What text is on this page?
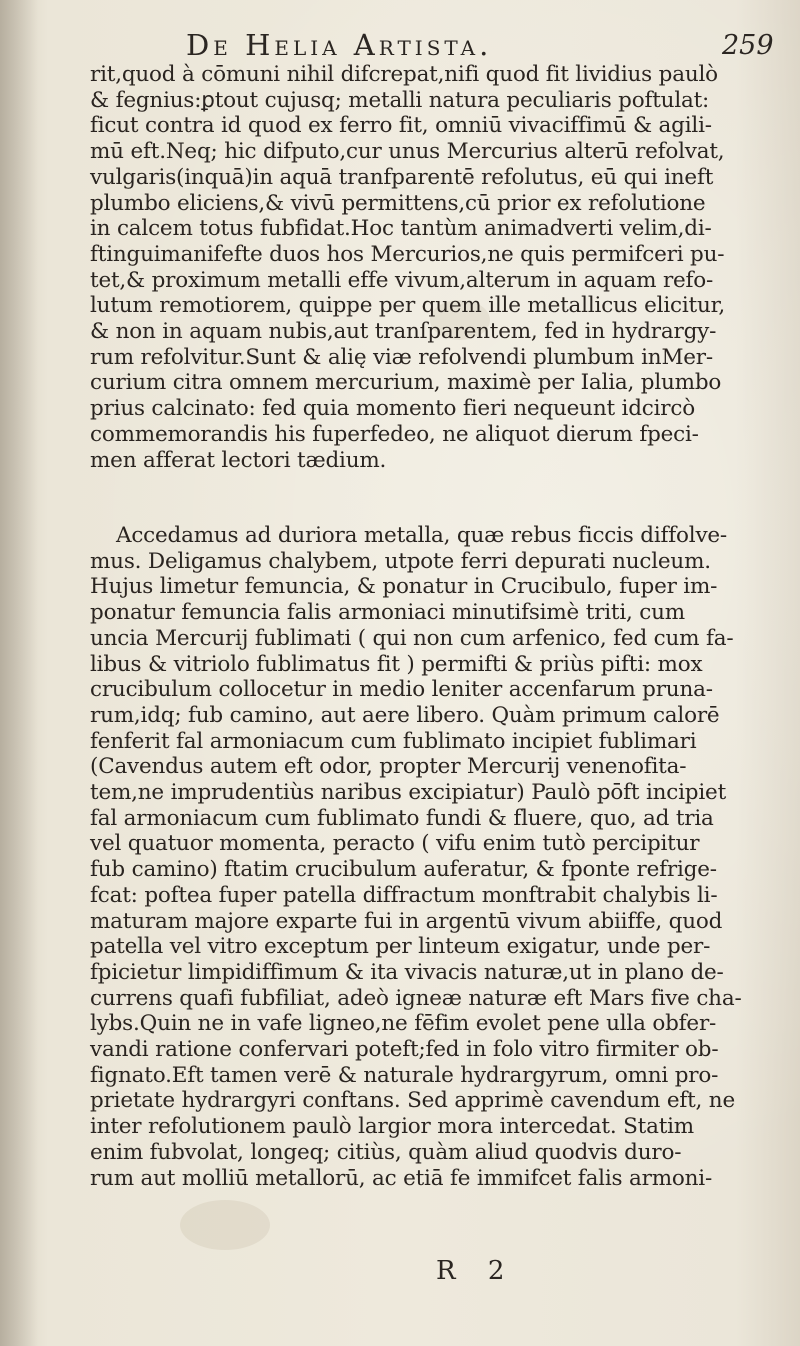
De Helia Artista.	259
rit,quod à cōmuni nihil difcrepat,nifi quod fit lividius paulò
& fegnius:ꝑtout cujusq; metalli natura peculiaris poftulat:
ficut contra id quod ex ferro fit, omniū vivaciffimū & agili-
mū eft.Neq; hic difputo,cur unus Mercurius alterū refolvat,
vulgaris(inquā)in aquā tranfparentē refolutus, eū qui ineft
plumbo eliciens,& vivū permittens,cū prior ex refolutione
in calcem totus fubfidat.Hoc tantùm animadverti velim,di-
ftinguimanifefte duos hos Mercurios,ne quis permifceri pu-
tet,& proximum metalli effe vivum,alterum in aquam refo-
lutum remotiorem, quippe per quem ille metallicus elicitur,
& non in aquam nubis,aut tranſparentem, fed in hydrargy-
rum refolvitur.Sunt & alię viæ refolvendi plumbum inMer-
curium citra omnem mercurium, maximè per Ialia, plumbo
prius calcinato: fed quia momento fieri nequeunt idcircò
commemorandis his fuperfedeo, ne aliquot dierum fpeci-
men afferat lectori tædium.
Accedamus ad duriora metalla, quæ rebus ficcis diffolve-
mus. Deligamus chalybem, utpote ferri depurati nucleum.
Hujus limetur femuncia, & ponatur in Crucibulo, fuper im-
ponatur femuncia falis armoniaci minutifsimè triti, cum
uncia Mercurij fublimati ( qui non cum arfenico, fed cum fa-
libus & vitriolo fublimatus fit ) permifti & priùs pifti: mox
crucibulum collocetur in medio leniter accenfarum pruna-
rum,idq; fub camino, aut aere libero. Quàm primum calorē
fenferit fal armoniacum cum fublimato incipiet fublimari
(Cavendus autem eft odor, propter Mercurij venenofita-
tem,ne imprudentiùs naribus excipiatur) Paulò pōft incipiet
fal armoniacum cum fublimato fundi & fluere, quo, ad tria
vel quatuor momenta, peracto ( vifu enim tutò percipitur
fub camino) ftatim crucibulum auferatur, & fponte refrige-
fcat: poftea fuper patella diffractum monftrabit chalybis li-
maturam majore exparte fui in argentū vivum abiiffe, quod
patella vel vitro exceptum per linteum exigatur, unde per-
fpicietur limpidiffimum & ita vivacis naturæ,ut in plano de-
currens quafi fubfiliat, adeò igneæ naturæ eft Mars five cha-
lybs.Quin ne in vafe ligneo,ne fēfim evolet pene ulla obfer-
vandi ratione confervari poteft;fed in folo vitro firmiter ob-
fignato.Eft tamen verē & naturale hydrargyrum, omni pro-
prietate hydrargyri conftans. Sed apprimè cavendum eft, ne
inter refolutionem paulò largior mora intercedat. Statim
enim fubvolat, longeq; citiùs, quàm aliud quodvis duro-
rum aut molliū metallorū, ac etiā fe immifcet falis armoni-
R 2
